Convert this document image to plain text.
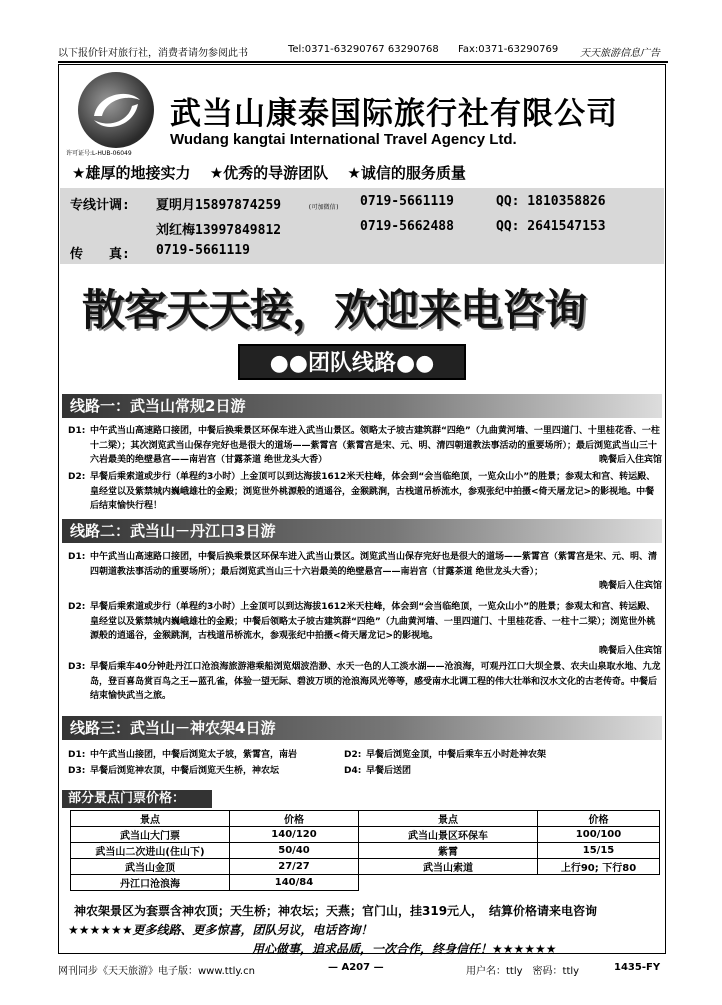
以下报价针对旅行社，消费者请勿参阅此书	Tel:0371-63290767 63290768 Fax:0371-63290769 天天旅游信息广告
许可证号:L-HUB-06049
武当山康泰国际旅行社有限公司
Wudang kangtai International Travel Agency Ltd.
★雄厚的地接实力 ★优秀的导游团队 ★诚信的服务质量
专线计调: 夏明月15897874259	(可加微信) 0719-5661119	QQ: 1810358826
刘红梅13997849812	0719-5662488	QQ: 2641547153
传　　真: 0719-5661119
散客天天接，欢迎来电咨询
●●团队线路●●
线路一：武当山常规2日游
D1: 中午武当山高速路口接团，中餐后换乘景区环保车进入武当山景区。领略太子坡古建筑群“四绝”（九曲黄河墙、一里四道门、十里桂花香、一柱十二梁）；其次浏览武当山保存完好也是很大的道场——紫霄宫（紫霄宫是宋、元、明、清四朝道教法事活动的重要场所）；最后浏览武当山三十六岩最美的绝壁悬宫——南岩宫（甘露茶道 绝世龙头大香）	晚餐后入住宾馆
D2: 早餐后乘索道或步行（单程约3小时）上金顶可以到达海拔1612米天柱峰，体会到“会当临绝顶，一览众山小”的胜景；参观太和宫、转运殿、皇经堂以及紫禁城内巍峨雄壮的金殿；浏览世外桃源般的逍遥谷，金猴跳涧，古栈道吊桥流水，参观张纪中拍摄<倚天屠龙记>的影视地。中餐后结束愉快行程！
线路二：武当山－丹江口3日游
D1: 中午武当山高速路口接团，中餐后换乘景区环保车进入武当山景区。浏览武当山保存完好也是很大的道场——紫霄宫（紫霄宫是宋、元、明、清四朝道教法事活动的重要场所）；最后浏览武当山三十六岩最美的绝壁悬宫——南岩宫（甘露茶道 绝世龙头大香）；
晚餐后入住宾馆
D2: 早餐后乘索道或步行（单程约3小时）上金顶可以到达海拔1612米天柱峰，体会到“会当临绝顶，一览众山小”的胜景；参观太和宫、转运殿、皇经堂以及紫禁城内巍峨雄壮的金殿；中餐后领略太子坡古建筑群“四绝”（九曲黄河墙、一里四道门、十里桂花香、一柱十二梁）；浏览世外桃源般的逍遥谷，金猴跳涧，古栈道吊桥流水，参观张纪中拍摄<倚天屠龙记>的影视地。
晚餐后入住宾馆
D3: 早餐后乘车40分钟赴丹江口沧浪海旅游港乘船浏览烟波浩渺、水天一色的人工淡水湖——沧浪海，可观丹江口大坝全景、农夫山泉取水地、九龙岛，登百喜岛赏百鸟之王—蓝孔雀，体验一望无际、碧波万顷的沧浪海风光等等，感受南水北调工程的伟大壮举和汉水文化的古老传奇。中餐后结束愉快武当之旅。
线路三：武当山－神农架4日游
D1: 中午武当山接团，中餐后浏览太子坡，紫霄宫，南岩	D2: 早餐后浏览金顶，中餐后乘车五小时赴神农架
D3: 早餐后浏览神农顶，中餐后浏览天生桥，神农坛	D4: 早餐后送团
部分景点门票价格：
景点	价格	景点	价格
武当山大门票	140/120	武当山景区环保车	100/100
武当山二次进山(住山下)	50/40	紫霄	15/15
武当山金顶	27/27	武当山索道	上行90; 下行80
丹江口沧浪海	140/84		
神农架景区为套票含神农顶；天生桥；神农坛；天燕；官门山，挂319元人，　结算价格请来电咨询
★★★★★★更多线路、更多惊喜，团队另议，电话咨询！
用心做事，追求品质，一次合作，终身信任！★★★★★★
网刊同步《天天旅游》电子版：www.ttly.cn	— A207 —	用户名：ttly　密码：ttly	1435-FY
